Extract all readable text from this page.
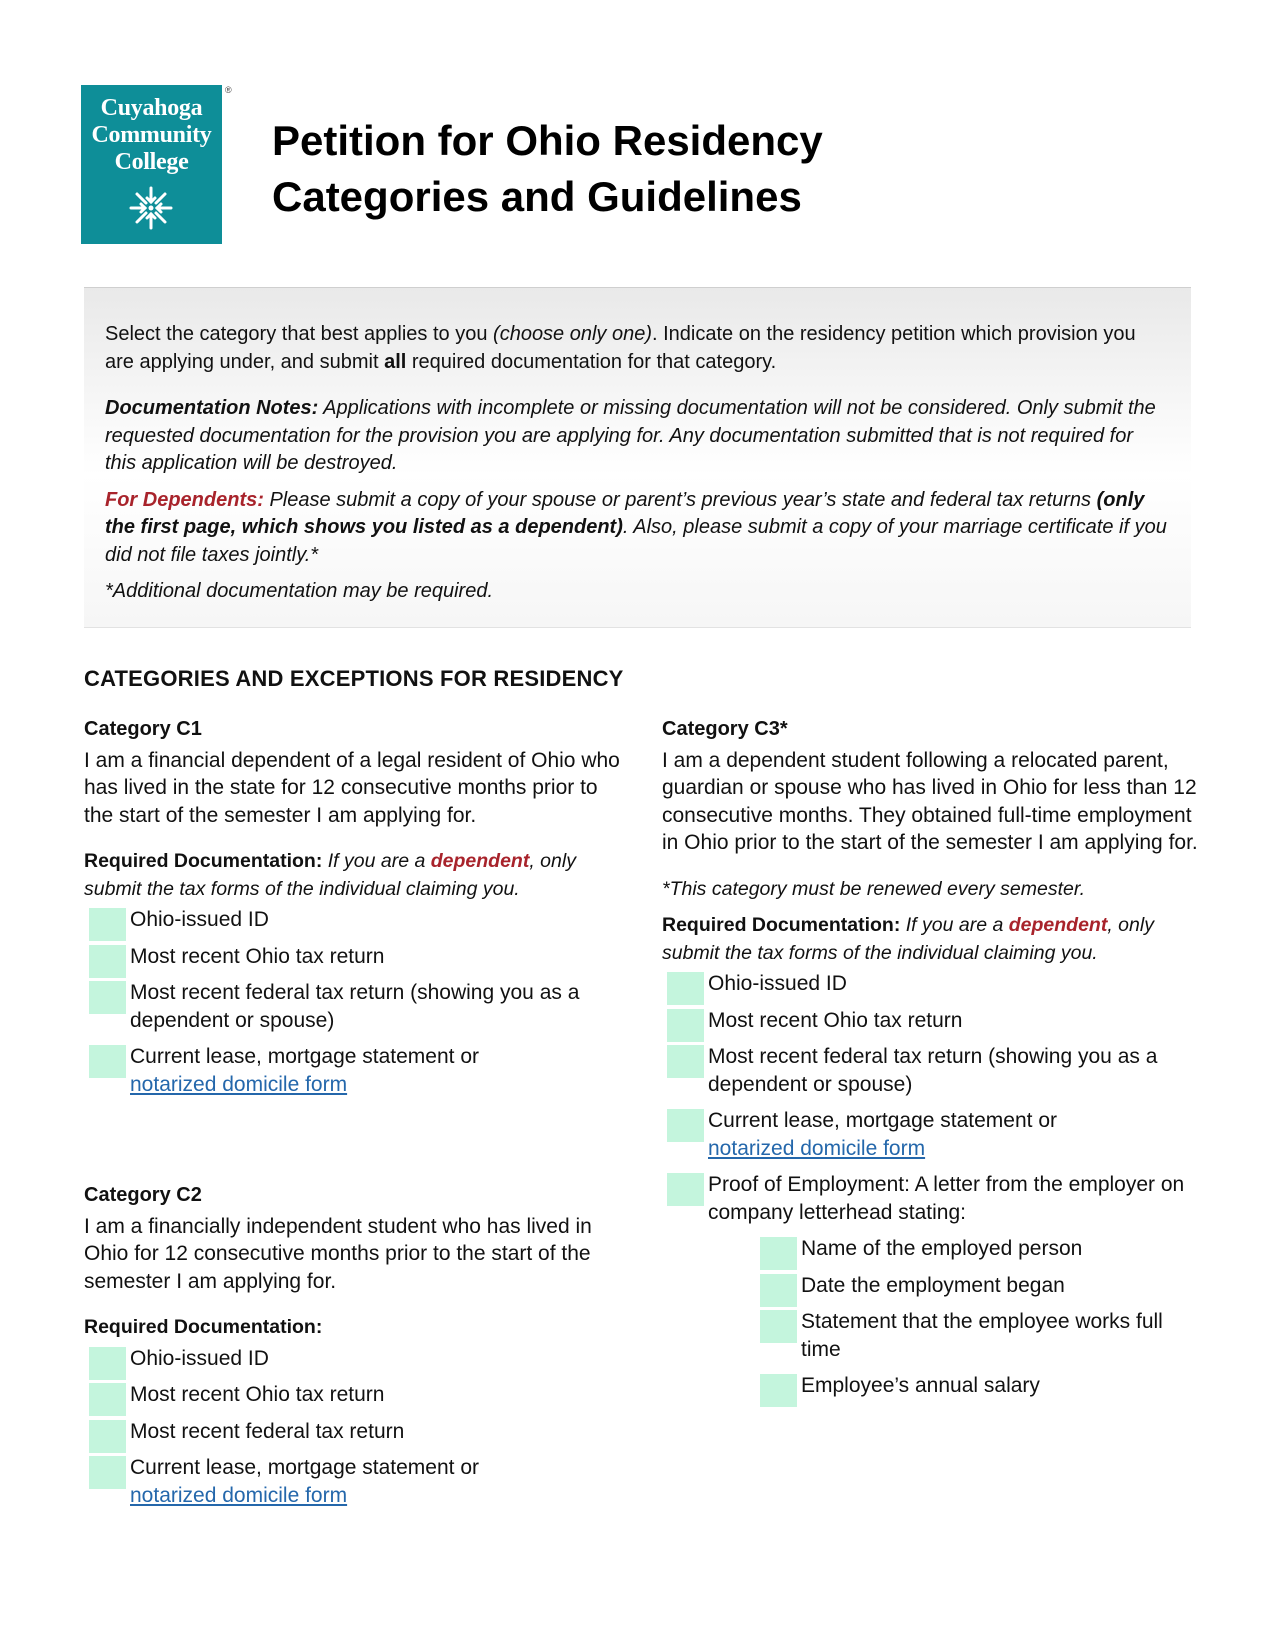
Cuyahoga
Community
College
®
Petition for Ohio Residency
Categories and Guidelines

Select the category that best applies to you (choose only one). Indicate on the residency petition which provision you are applying under, and submit all required documentation for that category.

Documentation Notes: Applications with incomplete or missing documentation will not be considered. Only submit the requested documentation for the provision you are applying for. Any documentation submitted that is not required for this application will be destroyed.

For Dependents: Please submit a copy of your spouse or parent’s previous year’s state and federal tax returns (only the first page, which shows you listed as a dependent). Also, please submit a copy of your marriage certificate if you did not file taxes jointly.*

*Additional documentation may be required.

CATEGORIES AND EXCEPTIONS FOR RESIDENCY
Category C1

I am a financial dependent of a legal resident of Ohio who has lived in the state for 12 consecutive months prior to the start of the semester I am applying for.

Required Documentation: If you are a dependent, only submit the tax forms of the individual claiming you.
Ohio-issued ID
Most recent Ohio tax return
Most recent federal tax return (showing you as a dependent or spouse)
Current lease, mortgage statement or
notarized domicile form
Category C2

I am a financially independent student who has lived in Ohio for 12 consecutive months prior to the start of the semester I am applying for.

Required Documentation:
Ohio-issued ID
Most recent Ohio tax return
Most recent federal tax return
Current lease, mortgage statement or
notarized domicile form
Category C3*

I am a dependent student following a relocated parent, guardian or spouse who has lived in Ohio for less than 12 consecutive months. They obtained full-time employment in Ohio prior to the start of the semester I am applying for.

*This category must be renewed every semester.

Required Documentation: If you are a dependent, only submit the tax forms of the individual claiming you.
Ohio-issued ID
Most recent Ohio tax return
Most recent federal tax return (showing you as a dependent or spouse)
Current lease, mortgage statement or
notarized domicile form
Proof of Employment: A letter from the employer on company letterhead stating:
Name of the employed person
Date the employment began
Statement that the employee works full time
Employee’s annual salary
